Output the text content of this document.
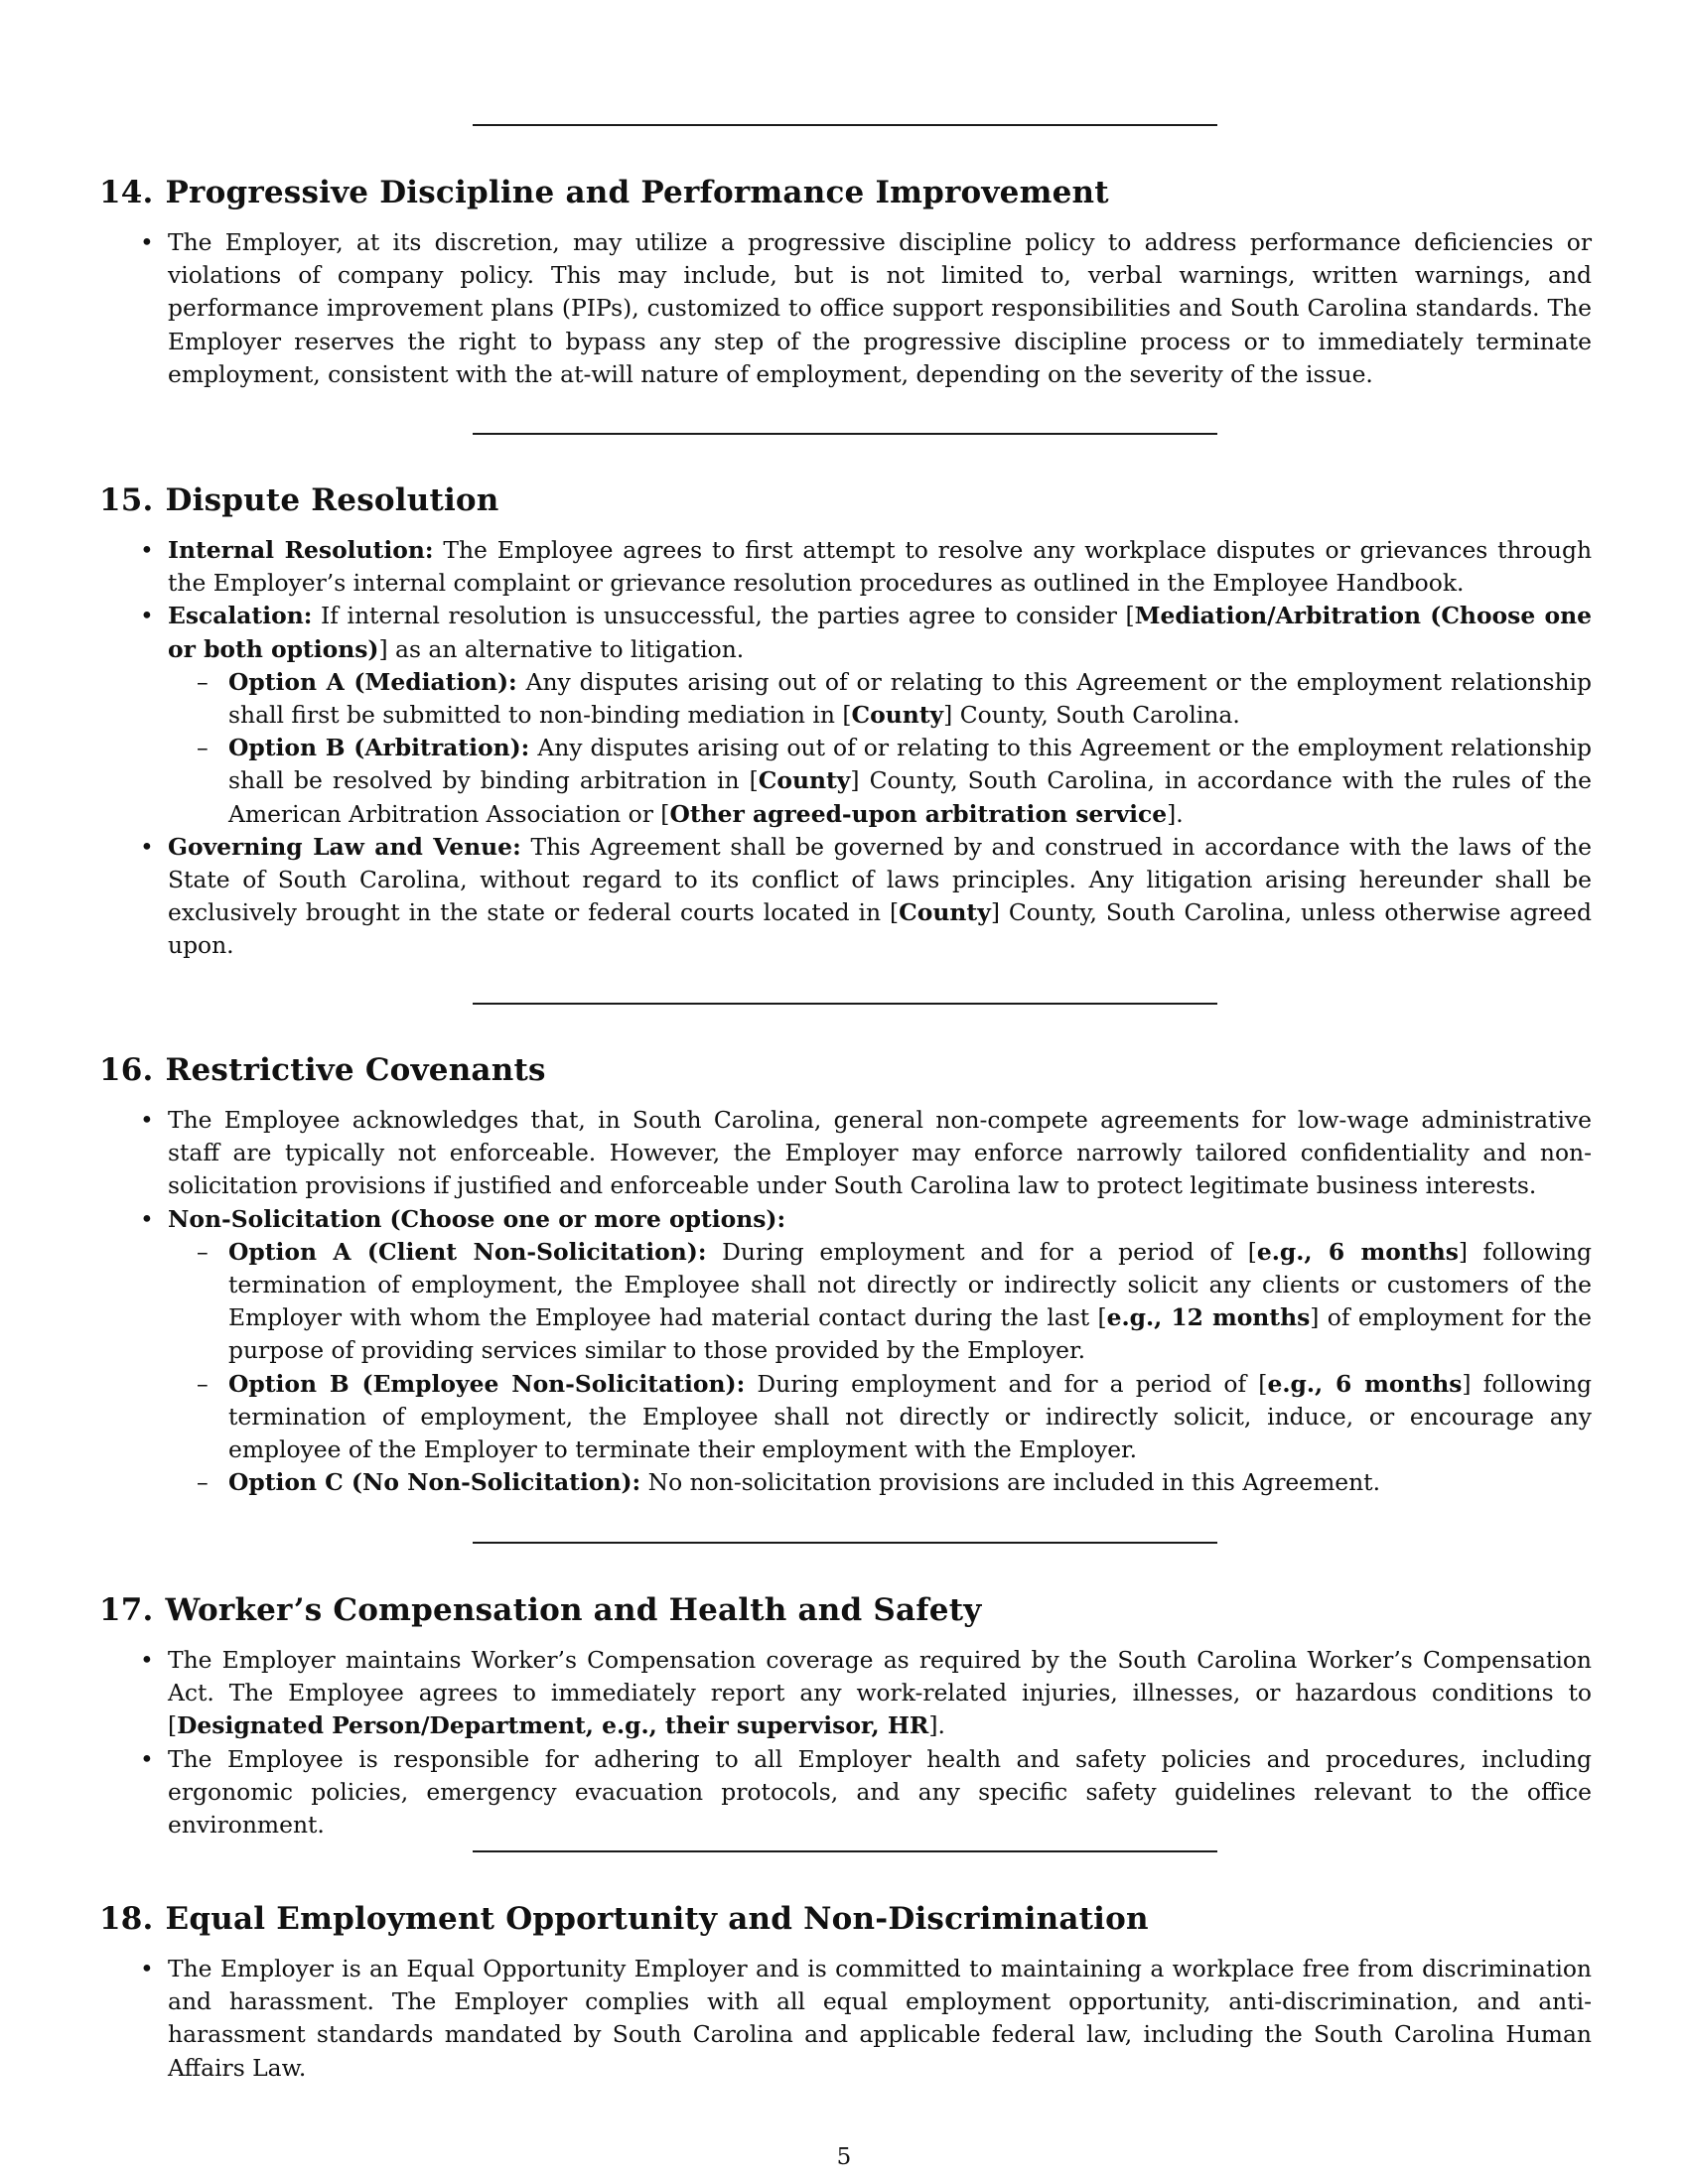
14. Progressive Discipline and Performance Improvement
• The Employer, at its discretion, may utilize a progressive discipline policy to address performance deficiencies or violations of company policy. This may include, but is not limited to, verbal warnings, written warnings, and performance improvement plans (PIPs), customized to office support responsibilities and South Carolina standards. The Employer reserves the right to bypass any step of the progressive discipline process or to immediately terminate employment, consistent with the at-will nature of employment, depending on the severity of the issue.
15. Dispute Resolution
• Internal Resolution: The Employee agrees to first attempt to resolve any workplace disputes or grievances through the Employer’s internal complaint or grievance resolution procedures as outlined in the Employee Handbook.
• Escalation: If internal resolution is unsuccessful, the parties agree to consider [Mediation/Arbitration (Choose one or both options)] as an alternative to litigation.
– Option A (Mediation): Any disputes arising out of or relating to this Agreement or the employment relationship shall first be submitted to non-binding mediation in [County] County, South Carolina.
– Option B (Arbitration): Any disputes arising out of or relating to this Agreement or the employment relationship shall be resolved by binding arbitration in [County] County, South Carolina, in accordance with the rules of the American Arbitration Association or [Other agreed-upon arbitration service].
• Governing Law and Venue: This Agreement shall be governed by and construed in accordance with the laws of the State of South Carolina, without regard to its conflict of laws principles. Any litigation arising hereunder shall be exclusively brought in the state or federal courts located in [County] County, South Carolina, unless otherwise agreed upon.
16. Restrictive Covenants
• The Employee acknowledges that, in South Carolina, general non-compete agreements for low-wage administrative staff are typically not enforceable. However, the Employer may enforce narrowly tailored confidentiality and non-solicitation provisions if justified and enforceable under South Carolina law to protect legitimate business interests.
• Non-Solicitation (Choose one or more options):
– Option A (Client Non-Solicitation): During employment and for a period of [e.g., 6 months] following termination of employment, the Employee shall not directly or indirectly solicit any clients or customers of the Employer with whom the Employee had material contact during the last [e.g., 12 months] of employment for the purpose of providing services similar to those provided by the Employer.
– Option B (Employee Non-Solicitation): During employment and for a period of [e.g., 6 months] following termination of employment, the Employee shall not directly or indirectly solicit, induce, or encourage any employee of the Employer to terminate their employment with the Employer.
– Option C (No Non-Solicitation): No non-solicitation provisions are included in this Agreement.
17. Worker’s Compensation and Health and Safety
• The Employer maintains Worker’s Compensation coverage as required by the South Carolina Worker’s Compensation Act. The Employee agrees to immediately report any work-related injuries, illnesses, or hazardous conditions to [Designated Person/Department, e.g., their supervisor, HR].
• The Employee is responsible for adhering to all Employer health and safety policies and procedures, including ergonomic policies, emergency evacuation protocols, and any specific safety guidelines relevant to the office environment.
18. Equal Employment Opportunity and Non-Discrimination
• The Employer is an Equal Opportunity Employer and is committed to maintaining a workplace free from discrimination and harassment. The Employer complies with all equal employment opportunity, anti-discrimination, and anti-harassment standards mandated by South Carolina and applicable federal law, including the South Carolina Human Affairs Law.
5
